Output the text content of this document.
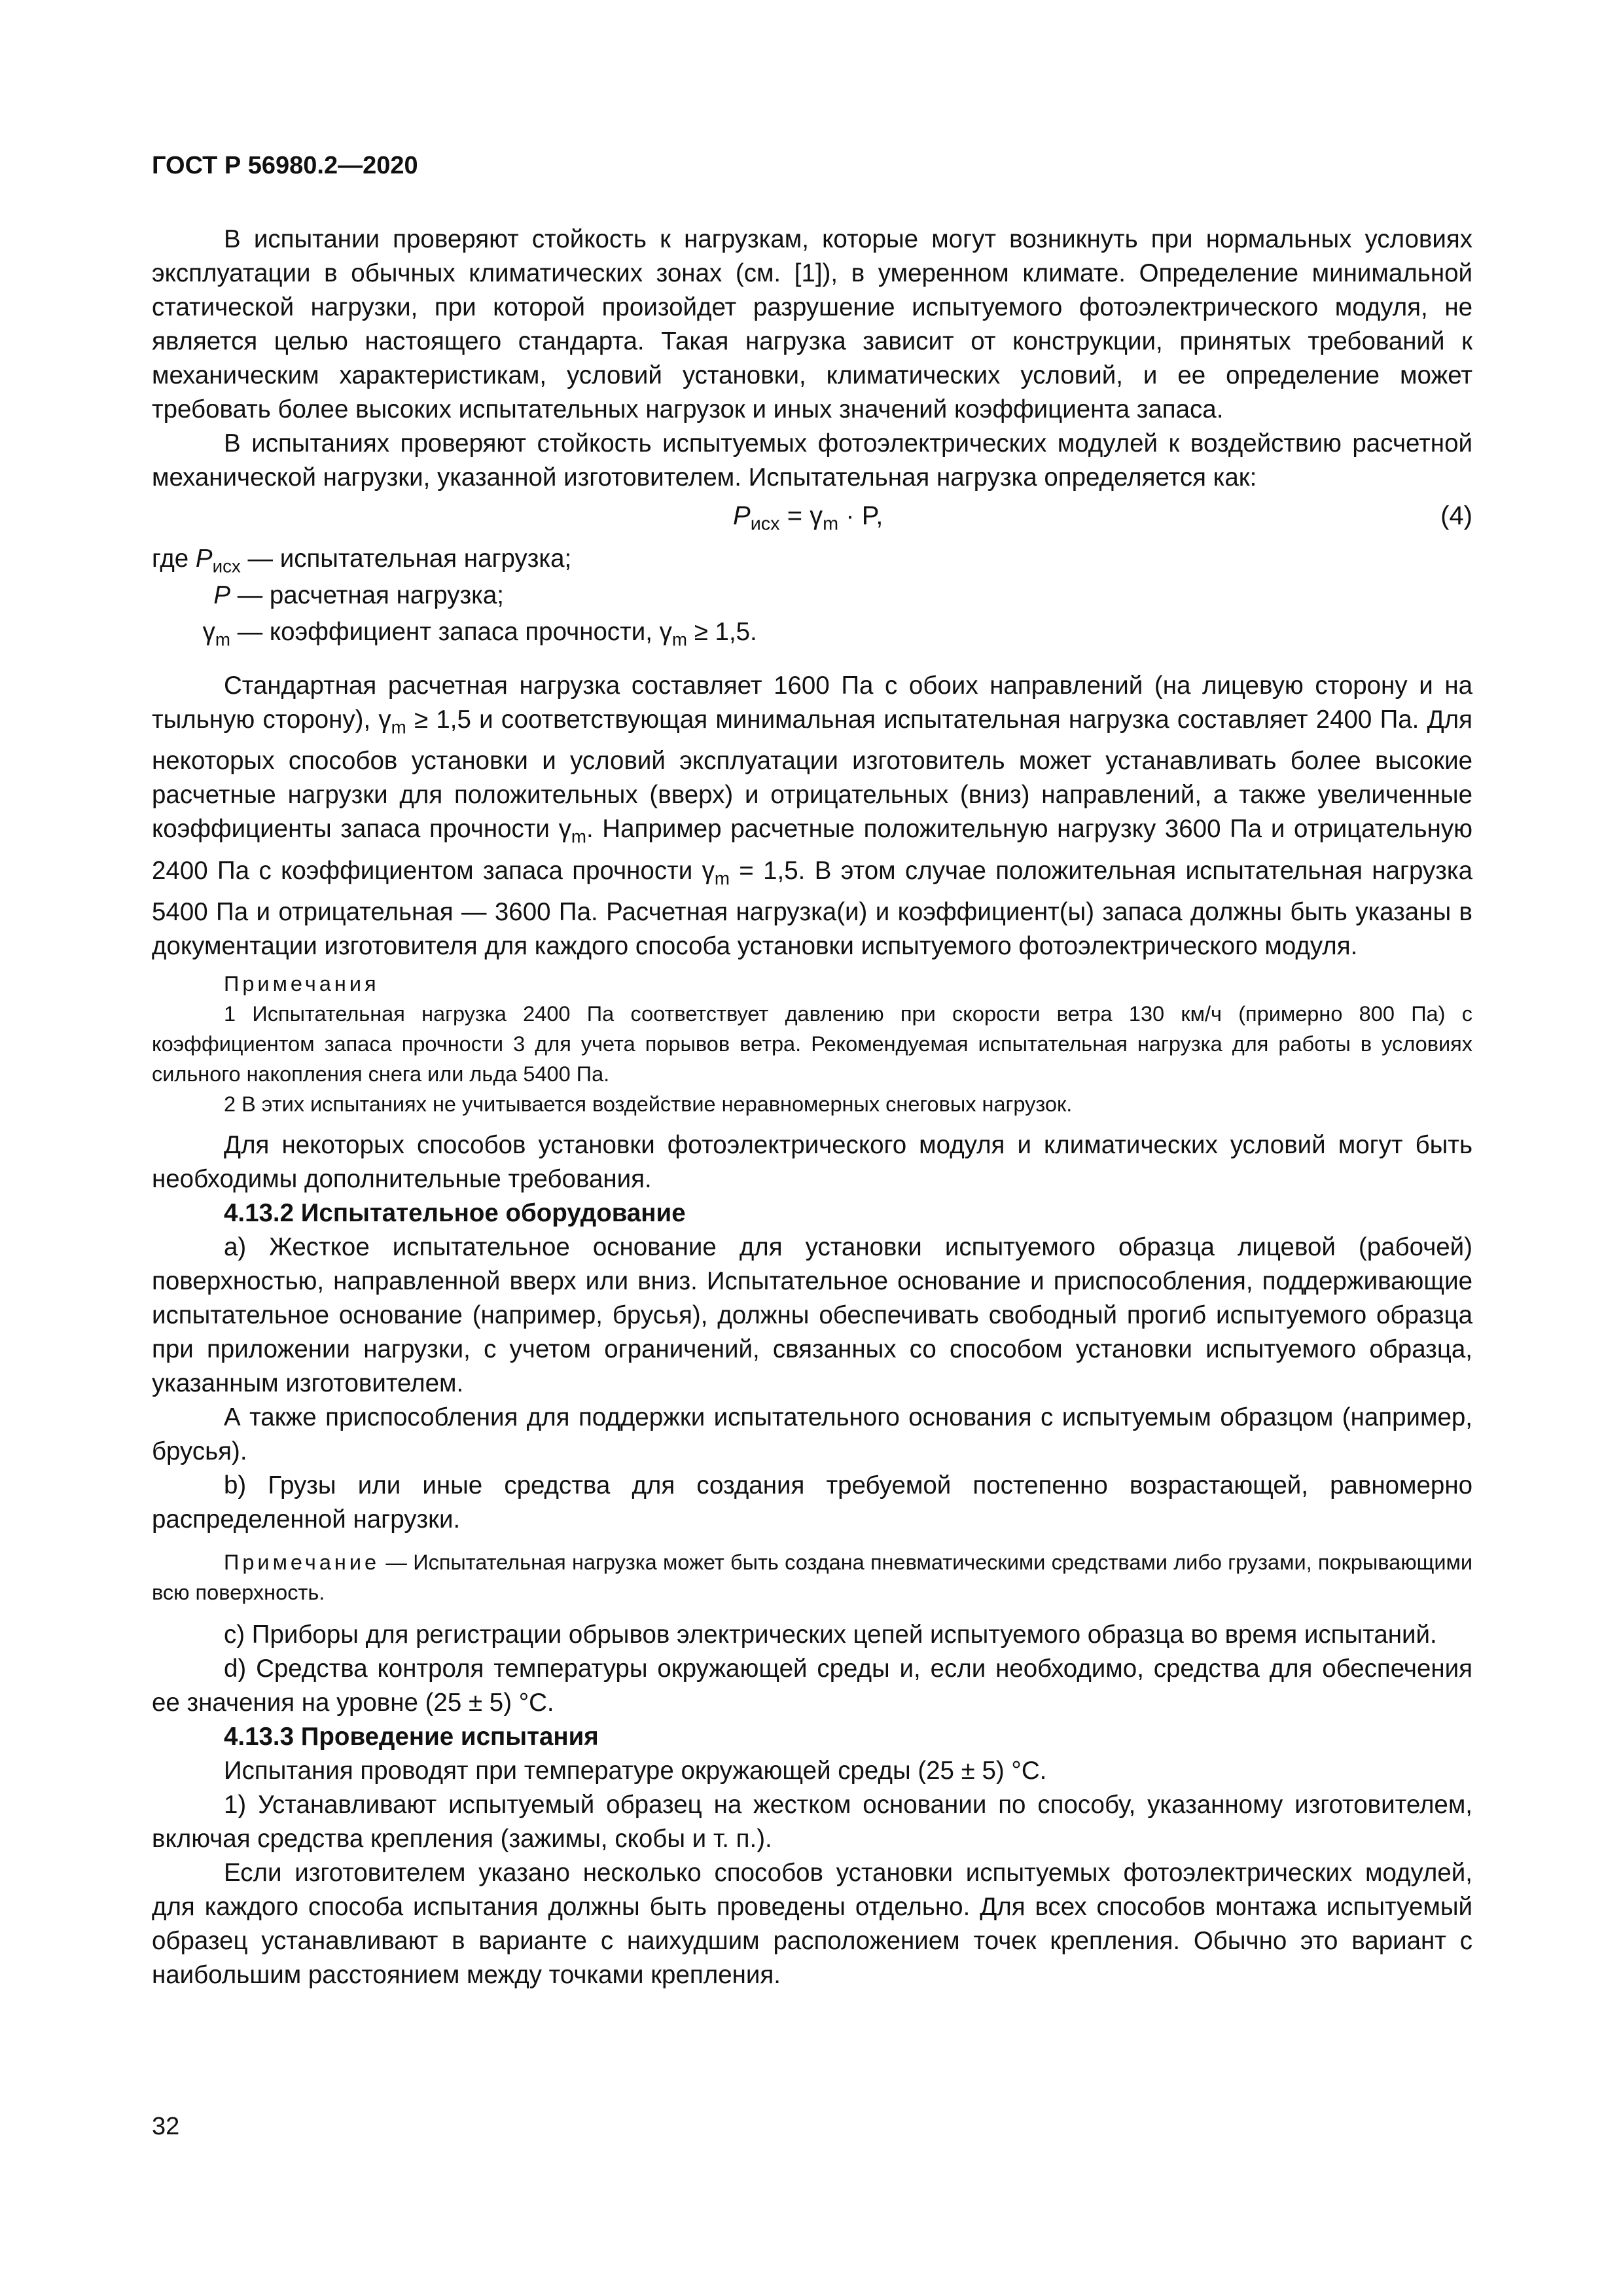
ГОСТ Р 56980.2—2020

В испытании проверяют стойкость к нагрузкам, которые могут возникнуть при нормальных условиях эксплуатации в обычных климатических зонах (см. [1]), в умеренном климате. Определение минимальной статической нагрузки, при которой произойдет разрушение испытуемого фотоэлектрического модуля, не является целью настоящего стандарта. Такая нагрузка зависит от конструкции, принятых требований к механическим характеристикам, условий установки, климатических условий, и ее определение может требовать более высоких испытательных нагрузок и иных значений коэффициента запаса.

В испытаниях проверяют стойкость испытуемых фотоэлектрических модулей к воздействию расчетной механической нагрузки, указанной изготовителем. Испытательная нагрузка определяется как:

$P_{исх} = \gamma_m \cdot P$,	(4)
где $P_{исх}$ — испытательная нагрузка;
P — расчетная нагрузка;
$\gamma_m$ — коэффициент запаса прочности, $\gamma_m \ge 1,5$.

Стандартная расчетная нагрузка составляет 1600 Па с обоих направлений (на лицевую сторону и на тыльную сторону), $\gamma_m \ge 1,5$ и соответствующая минимальная испытательная нагрузка составляет 2400 Па. Для некоторых способов установки и условий эксплуатации изготовитель может устанавливать более высокие расчетные нагрузки для положительных (вверх) и отрицательных (вниз) направлений, а также увеличенные коэффициенты запаса прочности $\gamma_m$. Например расчетные положительную нагрузку 3600 Па и отрицательную 2400 Па с коэффициентом запаса прочности $\gamma_m = 1,5$. В этом случае положительная испытательная нагрузка 5400 Па и отрицательная — 3600 Па. Расчетная нагрузка(и) и коэффициент(ы) запаса должны быть указаны в документации изготовителя для каждого способа установки испытуемого фотоэлектрического модуля.

Примечания

1 Испытательная нагрузка 2400 Па соответствует давлению при скорости ветра 130 км/ч (примерно 800 Па) с коэффициентом запаса прочности 3 для учета порывов ветра. Рекомендуемая испытательная нагрузка для работы в условиях сильного накопления снега или льда 5400 Па.

2 В этих испытаниях не учитывается воздействие неравномерных снеговых нагрузок.

Для некоторых способов установки фотоэлектрического модуля и климатических условий могут быть необходимы дополнительные требования.

4.13.2 Испытательное оборудование

а) Жесткое испытательное основание для установки испытуемого образца лицевой (рабочей) поверхностью, направленной вверх или вниз. Испытательное основание и приспособления, поддерживающие испытательное основание (например, брусья), должны обеспечивать свободный прогиб испытуемого образца при приложении нагрузки, с учетом ограничений, связанных со способом установки испытуемого образца, указанным изготовителем.

А также приспособления для поддержки испытательного основания с испытуемым образцом (например, брусья).

b) Грузы или иные средства для создания требуемой постепенно возрастающей, равномерно распределенной нагрузки.

Примечание — Испытательная нагрузка может быть создана пневматическими средствами либо грузами, покрывающими всю поверхность.

c) Приборы для регистрации обрывов электрических цепей испытуемого образца во время испытаний.

d) Средства контроля температуры окружающей среды и, если необходимо, средства для обеспечения ее значения на уровне (25 ± 5) °С.

4.13.3 Проведение испытания

Испытания проводят при температуре окружающей среды (25 ± 5) °С.

1) Устанавливают испытуемый образец на жестком основании по способу, указанному изготовителем, включая средства крепления (зажимы, скобы и т. п.).

Если изготовителем указано несколько способов установки испытуемых фотоэлектрических модулей, для каждого способа испытания должны быть проведены отдельно. Для всех способов монтажа испытуемый образец устанавливают в варианте с наихудшим расположением точек крепления. Обычно это вариант с наибольшим расстоянием между точками крепления.

32
